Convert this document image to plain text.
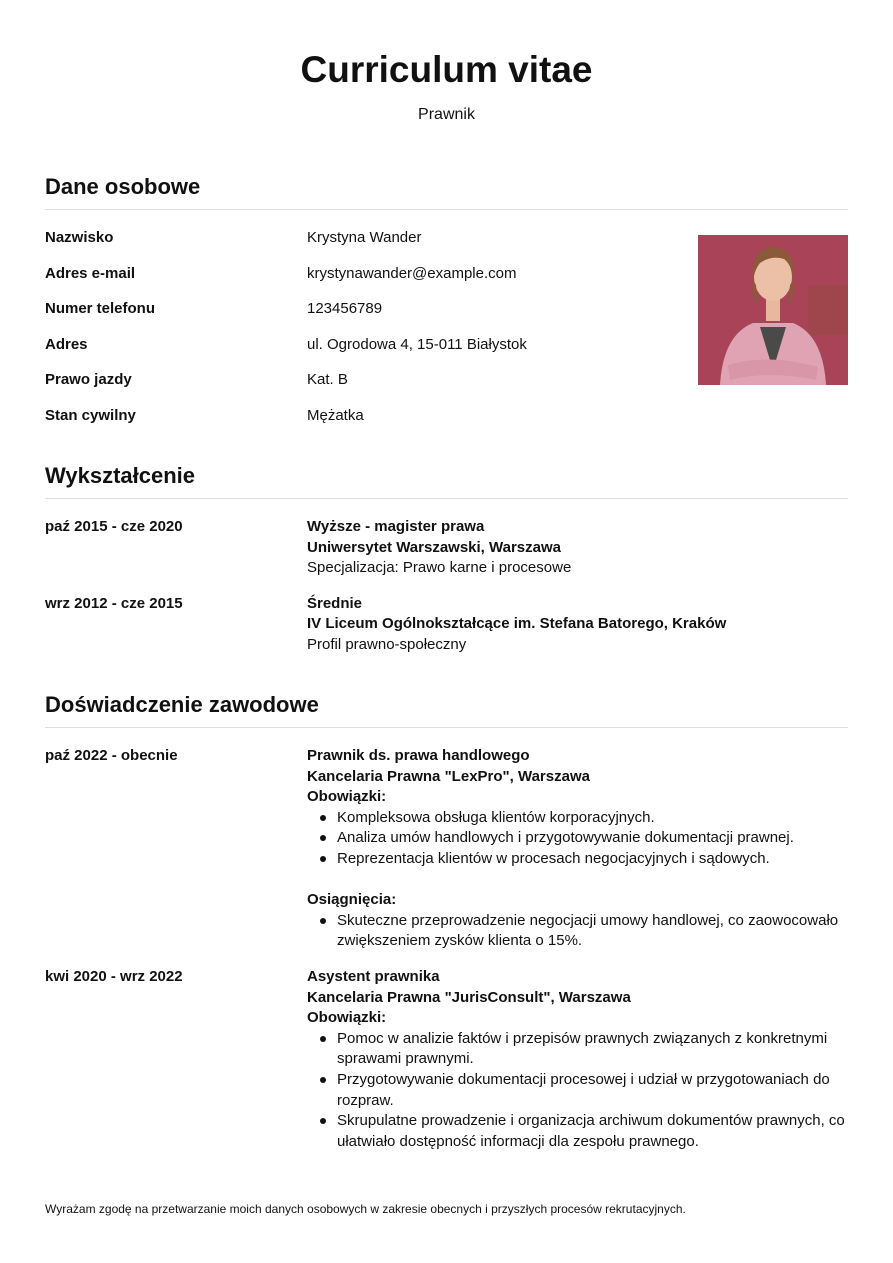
Curriculum vitae
Prawnik
Dane osobowe
Nazwisko	Krystyna Wander
Adres e-mail	krystynawander@example.com
Numer telefonu	123456789
Adres	ul. Ogrodowa 4, 15-011 Białystok
Prawo jazdy	Kat. B
Stan cywilny	Mężatka
Wykształcenie
paź 2015 - cze 2020	Wyższe - magister prawa
Uniwersytet Warszawski, Warszawa
Specjalizacja: Prawo karne i procesowe
wrz 2012 - cze 2015	Średnie
IV Liceum Ogólnokształcące im. Stefana Batorego, Kraków
Profil prawno-społeczny
Doświadczenie zawodowe
paź 2022 - obecnie	Prawnik ds. prawa handlowego
Kancelaria Prawna "LexPro", Warszawa
Obowiązki:
Kompleksowa obsługa klientów korporacyjnych.
Analiza umów handlowych i przygotowywanie dokumentacji prawnej.
Reprezentacja klientów w procesach negocjacyjnych i sądowych.
Osiągnięcia:
Skuteczne przeprowadzenie negocjacji umowy handlowej, co zaowocowało zwiększeniem zysków klienta o 15%.
kwi 2020 - wrz 2022	Asystent prawnika
Kancelaria Prawna "JurisConsult", Warszawa
Obowiązki:
Pomoc w analizie faktów i przepisów prawnych związanych z konkretnymi sprawami prawnymi.
Przygotowywanie dokumentacji procesowej i udział w przygotowaniach do rozpraw.
Skrupulatne prowadzenie i organizacja archiwum dokumentów prawnych, co ułatwiało dostępność informacji dla zespołu prawnego.
Wyrażam zgodę na przetwarzanie moich danych osobowych w zakresie obecnych i przyszłych procesów rekrutacyjnych.
